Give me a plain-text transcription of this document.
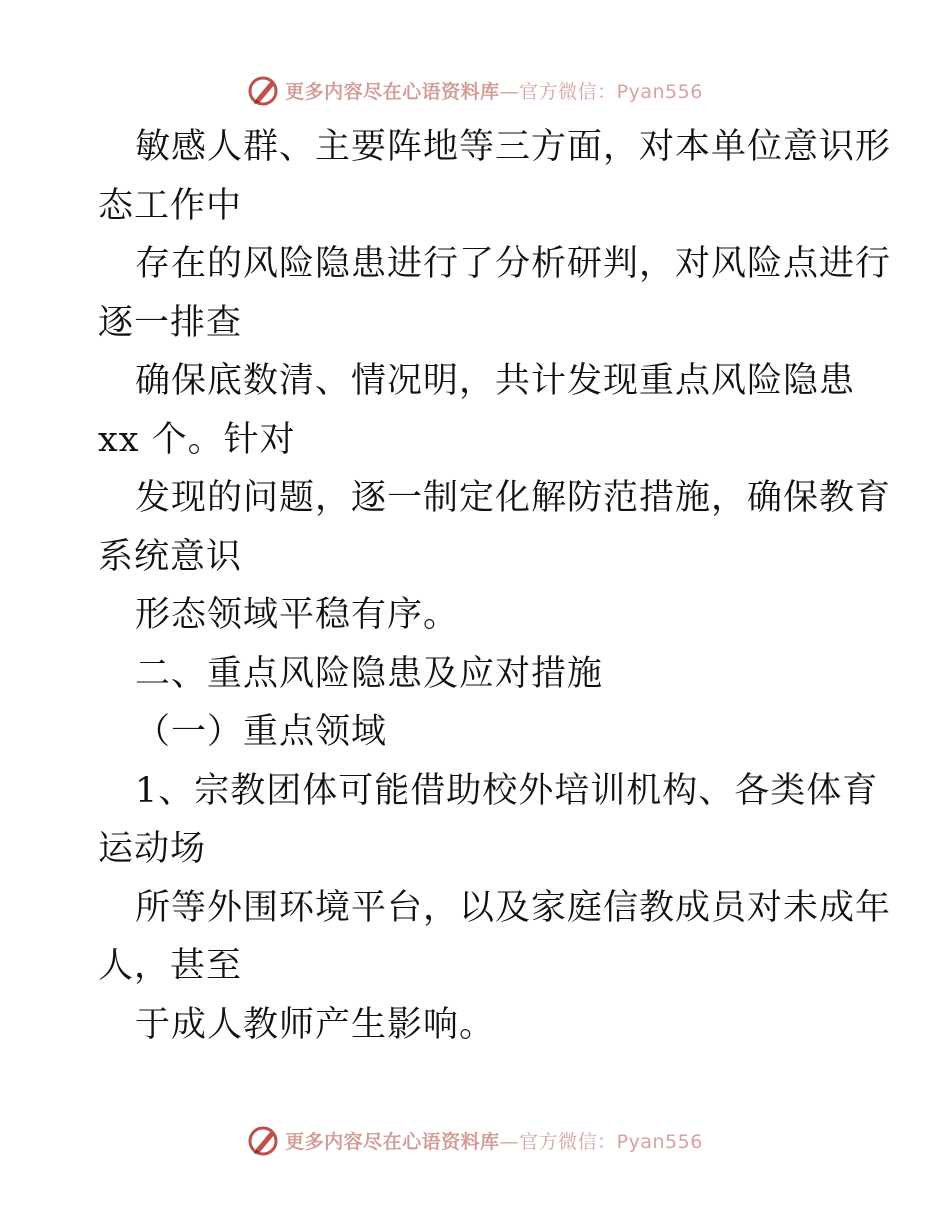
更多内容尽在心语资料库—官方微信：Pyan556
敏感人群、主要阵地等三方面，对本单位意识形
态工作中
存在的风险隐患进行了分析研判，对风险点进行
逐一排查
确保底数清、情况明，共计发现重点风险隐患
xx 个。针对
发现的问题，逐一制定化解防范措施，确保教育
系统意识
形态领域平稳有序。
二、重点风险隐患及应对措施
（一）重点领域
1、宗教团体可能借助校外培训机构、各类体育
运动场
所等外围环境平台，以及家庭信教成员对未成年
人，甚至
于成人教师产生影响。
更多内容尽在心语资料库—官方微信：Pyan556
